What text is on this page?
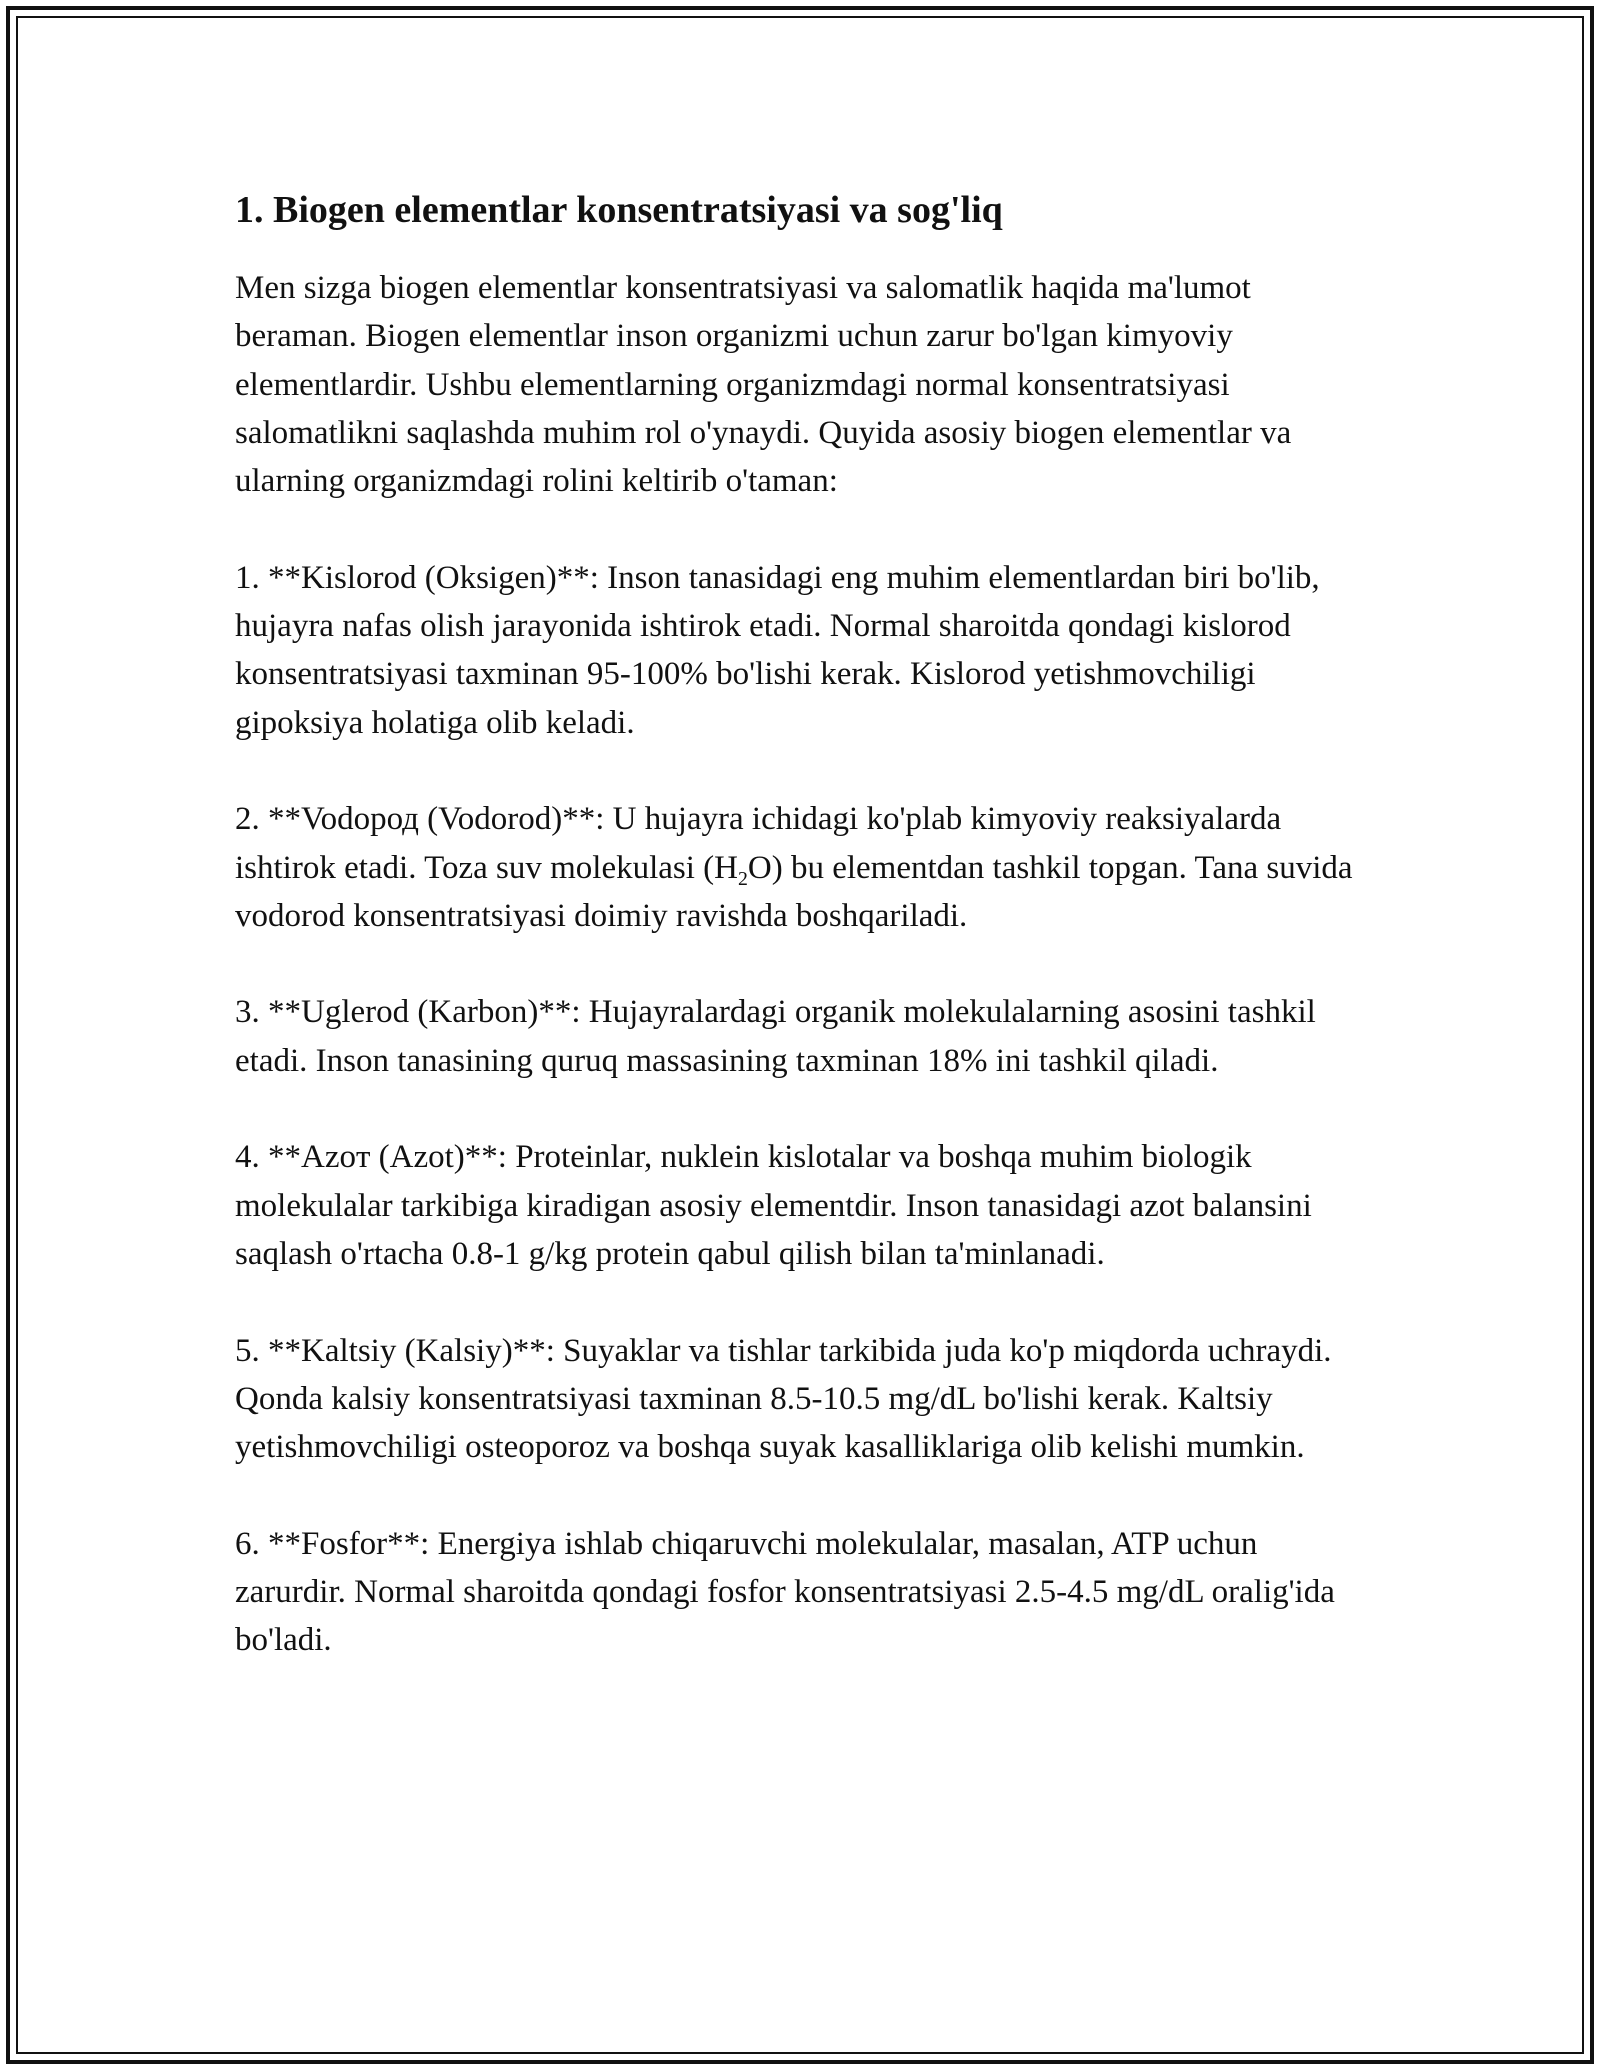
1. Biogen elementlar konsentratsiyasi va sog'liq

Men sizga biogen elementlar konsentratsiyasi va salomatlik haqida ma'lumot beraman. Biogen elementlar inson organizmi uchun zarur bo'lgan kimyoviy elementlardir. Ushbu elementlarning organizmdagi normal konsentratsiyasi salomatlikni saqlashda muhim rol o'ynaydi. Quyida asosiy biogen elementlar va ularning organizmdagi rolini keltirib o'taman:

1. **Kislorod (Oksigen)**: Inson tanasidagi eng muhim elementlardan biri bo'lib, hujayra nafas olish jarayonida ishtirok etadi. Normal sharoitda qondagi kislorod konsentratsiyasi taxminan 95-100% bo'lishi kerak. Kislorod yetishmovchiligi gipoksiya holatiga olib keladi.

2. **Vodoрод (Vodorod)**: U hujayra ichidagi ko'plab kimyoviy reaksiyalarda ishtirok etadi. Toza suv molekulasi $(H_2O)$ bu elementdan tashkil topgan. Tana suvida vodorod konsentratsiyasi doimiy ravishda boshqariladi.

3. **Uglerod (Karbon)**: Hujayralardagi organik molekulalarning asosini tashkil etadi. Inson tanasining quruq massasining taxminan 18% ini tashkil qiladi.

4. **Azoт (Azot)**: Proteinlar, nuklein kislotalar va boshqa muhim biologik molekulalar tarkibiga kiradigan asosiy elementdir. Inson tanasidagi azot balansini saqlash o'rtacha 0.8-1 g/kg protein qabul qilish bilan ta'minlanadi.

5. **Kaltsiy (Kalsiy)**: Suyaklar va tishlar tarkibida juda ko'p miqdorda uchraydi. Qonda kalsiy konsentratsiyasi taxminan 8.5-10.5 mg/dL bo'lishi kerak. Kaltsiy yetishmovchiligi osteoporoz va boshqa suyak kasalliklariga olib kelishi mumkin.

6. **Fosfor**: Energiya ishlab chiqaruvchi molekulalar, masalan, ATP uchun zarurdir. Normal sharoitda qondagi fosfor konsentratsiyasi 2.5-4.5 mg/dL oralig'ida bo'ladi.
